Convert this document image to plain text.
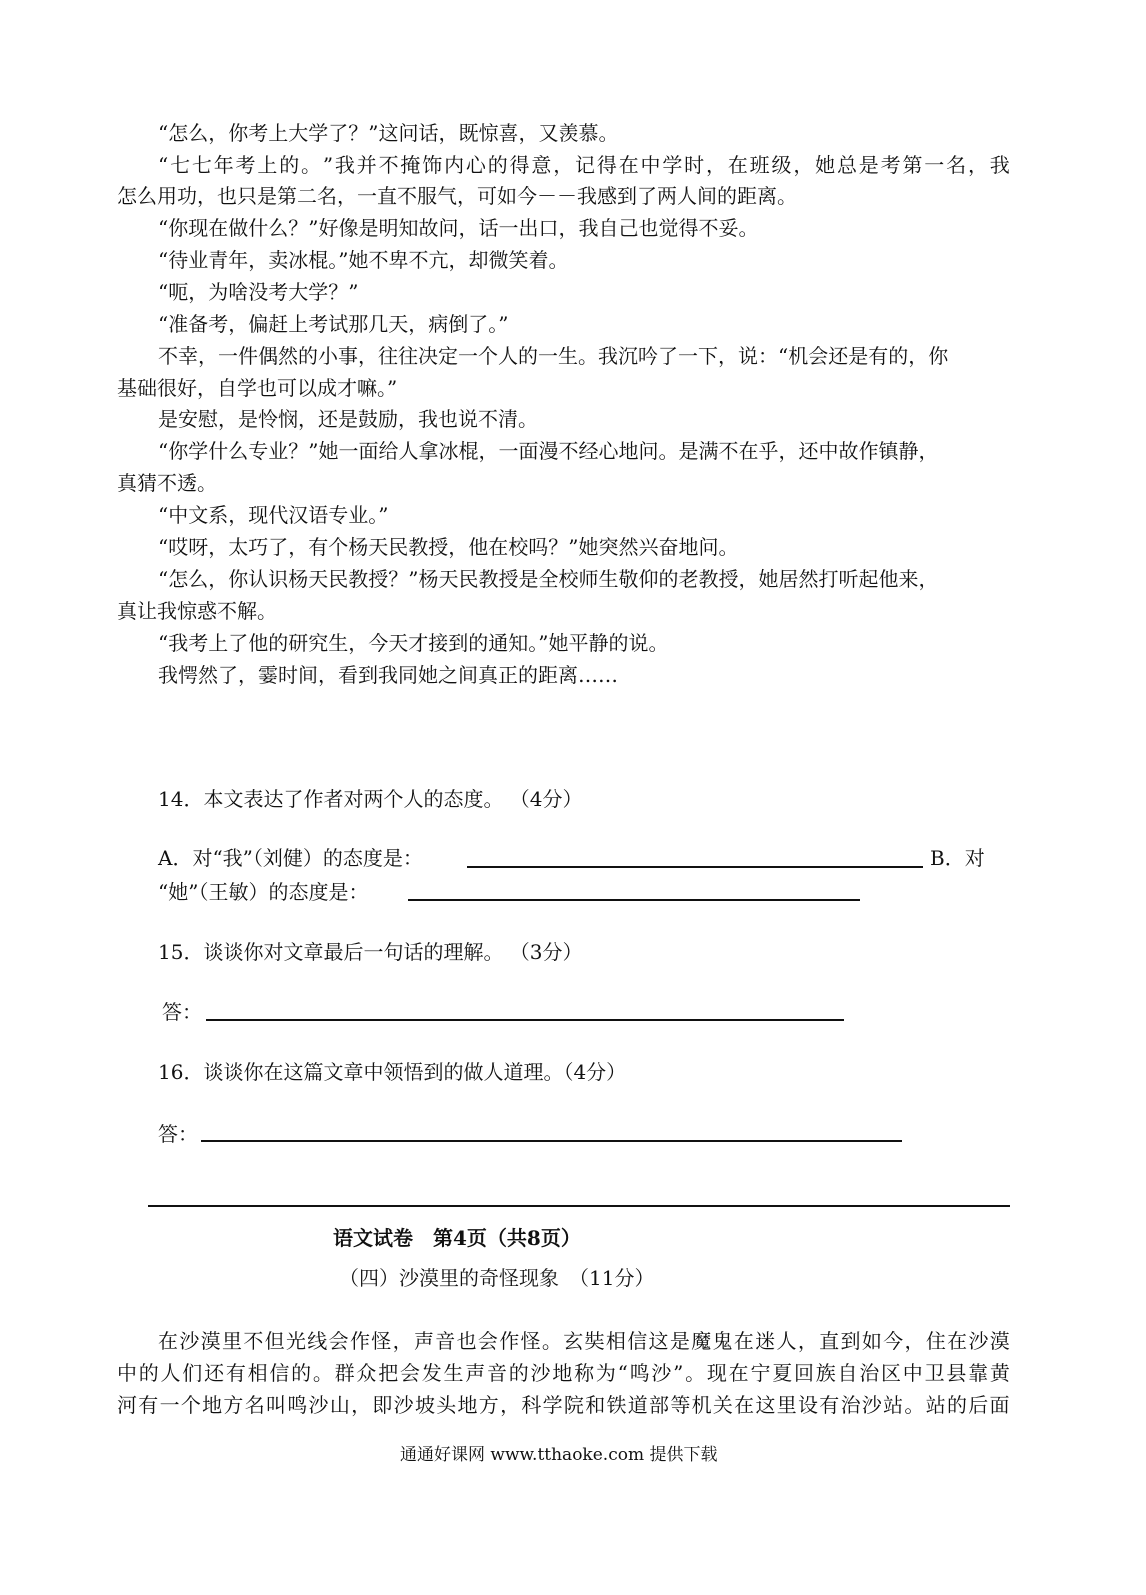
“怎么，你考上大学了？”这问话，既惊喜，又羡慕。
“ 七 七 年 考 上 的 。 ” 我 并 不 掩 饰 内 心 的 得 意 ， 记 得 在 中 学 时 ， 在 班 级 ， 她 总 是 考 第 一 名 ， 我
怎么用功，也只是第二名，一直不服气，可如今－－我感到了两人间的距离。
“你现在做什么？”好像是明知故问，话一出口，我自己也觉得不妥。
“待业青年，卖冰棍。”她不卑不亢，却微笑着。
“呃，为啥没考大学？”
“准备考，偏赶上考试那几天，病倒了。”
不幸，一件偶然的小事，往往决定一个人的一生。我沉吟了一下，说：“机会还是有的，你
基础很好，自学也可以成才嘛。”
是安慰，是怜悯，还是鼓励，我也说不清。
“你学什么专业？”她一面给人拿冰棍，一面漫不经心地问。是满不在乎，还中故作镇静，
真猜不透。
“中文系，现代汉语专业。”
“哎呀，太巧了，有个杨天民教授，他在校吗？”她突然兴奋地问。
“怎么，你认识杨天民教授？”杨天民教授是全校师生敬仰的老教授，她居然打听起他来，
真让我惊惑不解。
“我考上了他的研究生，今天才接到的通知。”她平静的说。
我愕然了，霎时间，看到我同她之间真正的距离……
14．本文表达了作者对两个人的态度。 （4分）
A．对“我”（刘健）的态度是：	B．对
“她”（王敏）的态度是：
15．谈谈你对文章最后一句话的理解。 （3分）
答：
16．谈谈你在这篇文章中领悟到的做人道理。（4分）
答：
语文试卷　第4页（共8页）
（四）沙漠里的奇怪现象　（11分）
在 沙 漠 里 不 但 光 线 会 作 怪 ， 声 音 也 会 作 怪 。 玄 奘 相 信 这 是 魔 鬼 在 迷 人 ， 直 到 如 今 ， 住 在 沙 漠
中 的 人 们 还 有 相 信 的 。 群 众 把 会 发 生 声 音 的 沙 地 称 为 “ 鸣 沙 ” 。 现 在 宁 夏 回 族 自 治 区 中 卫 县 靠 黄
河 有 一 个 地 方 名 叫 鸣 沙 山 ， 即 沙 坡 头 地 方 ， 科 学 院 和 铁 道 部 等 机 关 在 这 里 设 有 治 沙 站 。 站 的 后 面
通通好课网 www.tthaoke.com 提供下载
